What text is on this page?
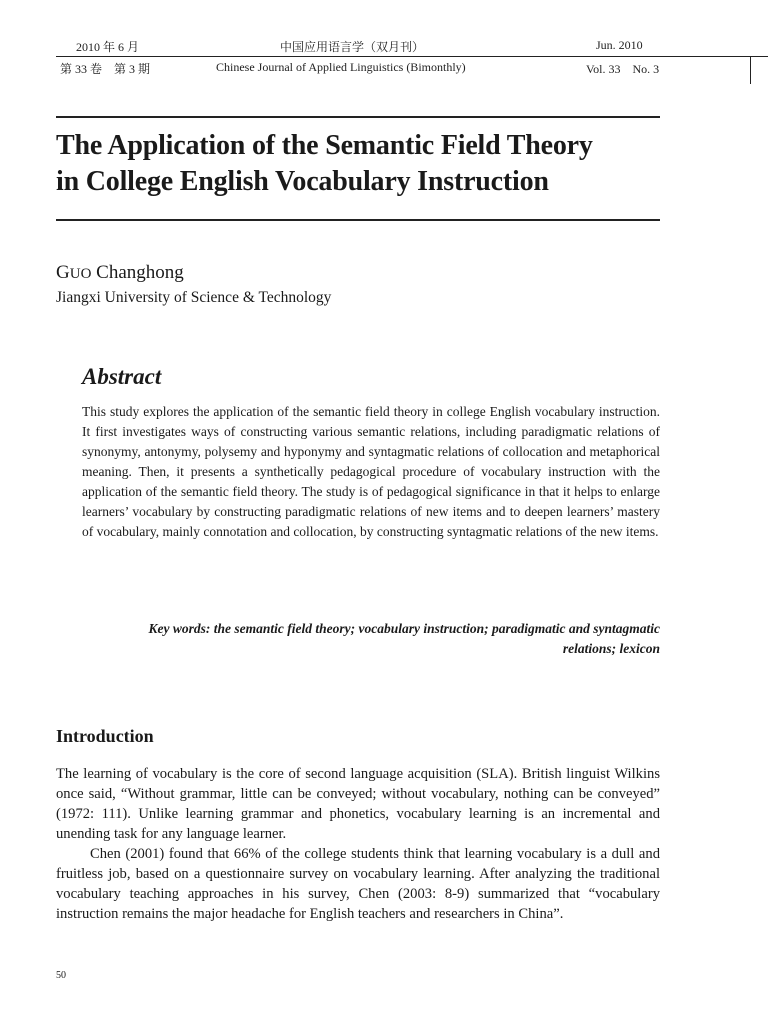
2010 年 6 月	中国应用语言学（双月刊）	Jun. 2010
第 33 卷　第 3 期	Chinese Journal of Applied Linguistics (Bimonthly)	Vol. 33　No. 3
The Application of the Semantic Field Theory
in College English Vocabulary Instruction
GUO Changhong
Jiangxi University of Science & Technology
Abstract
This study explores the application of the semantic field theory in college English vocabulary instruction. It first investigates ways of constructing various semantic relations, including paradigmatic relations of synonymy, antonymy, polysemy and hyponymy and syntagmatic relations of collocation and metaphorical meaning. Then, it presents a synthetically pedagogical procedure of vocabulary instruction with the application of the semantic field theory. The study is of pedagogical significance in that it helps to enlarge learners’ vocabulary by constructing paradigmatic relations of new items and to deepen learners’ mastery of vocabulary, mainly connotation and collocation, by constructing syntagmatic relations of the new items.
Key words: the semantic field theory; vocabulary instruction; paradigmatic and syntagmatic relations; lexicon
Introduction

The learning of vocabulary is the core of second language acquisition (SLA). British linguist Wilkins once said, “Without grammar, little can be conveyed; without vocabulary, nothing can be conveyed” (1972: 111). Unlike learning grammar and phonetics, vocabulary learning is an incremental and unending task for any language learner.

Chen (2001) found that 66% of the college students think that learning vocabulary is a dull and fruitless job, based on a questionnaire survey on vocabulary learning. After analyzing the traditional vocabulary teaching approaches in his survey, Chen (2003: 8-9) summarized that “vocabulary instruction remains the major headache for English teachers and researchers in China”.

50
